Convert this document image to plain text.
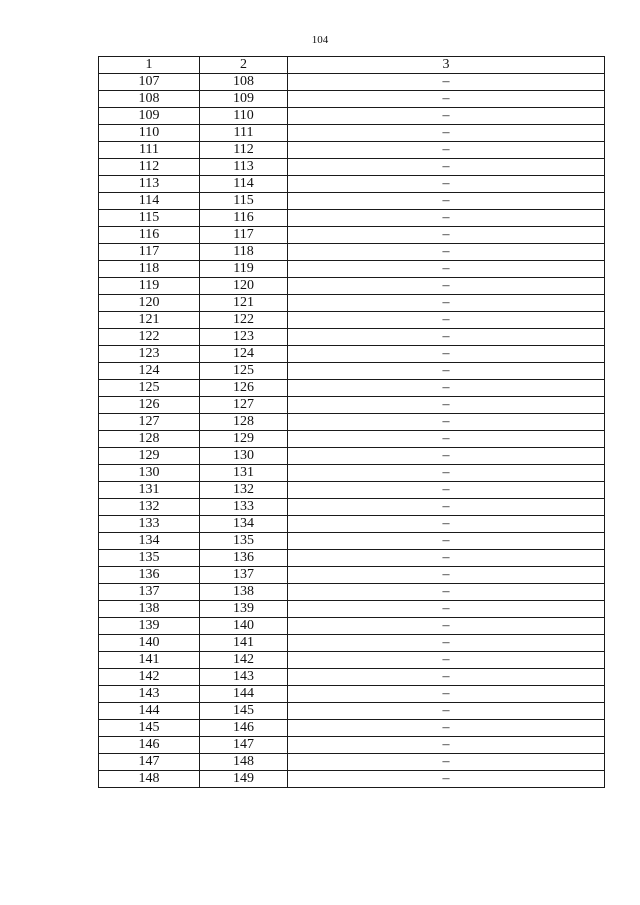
104
1	2	3
107	108	–
108	109	–
109	110	–
110	111	–
111	112	–
112	113	–
113	114	–
114	115	–
115	116	–
116	117	–
117	118	–
118	119	–
119	120	–
120	121	–
121	122	–
122	123	–
123	124	–
124	125	–
125	126	–
126	127	–
127	128	–
128	129	–
129	130	–
130	131	–
131	132	–
132	133	–
133	134	–
134	135	–
135	136	–
136	137	–
137	138	–
138	139	–
139	140	–
140	141	–
141	142	–
142	143	–
143	144	–
144	145	–
145	146	–
146	147	–
147	148	–
148	149	–
